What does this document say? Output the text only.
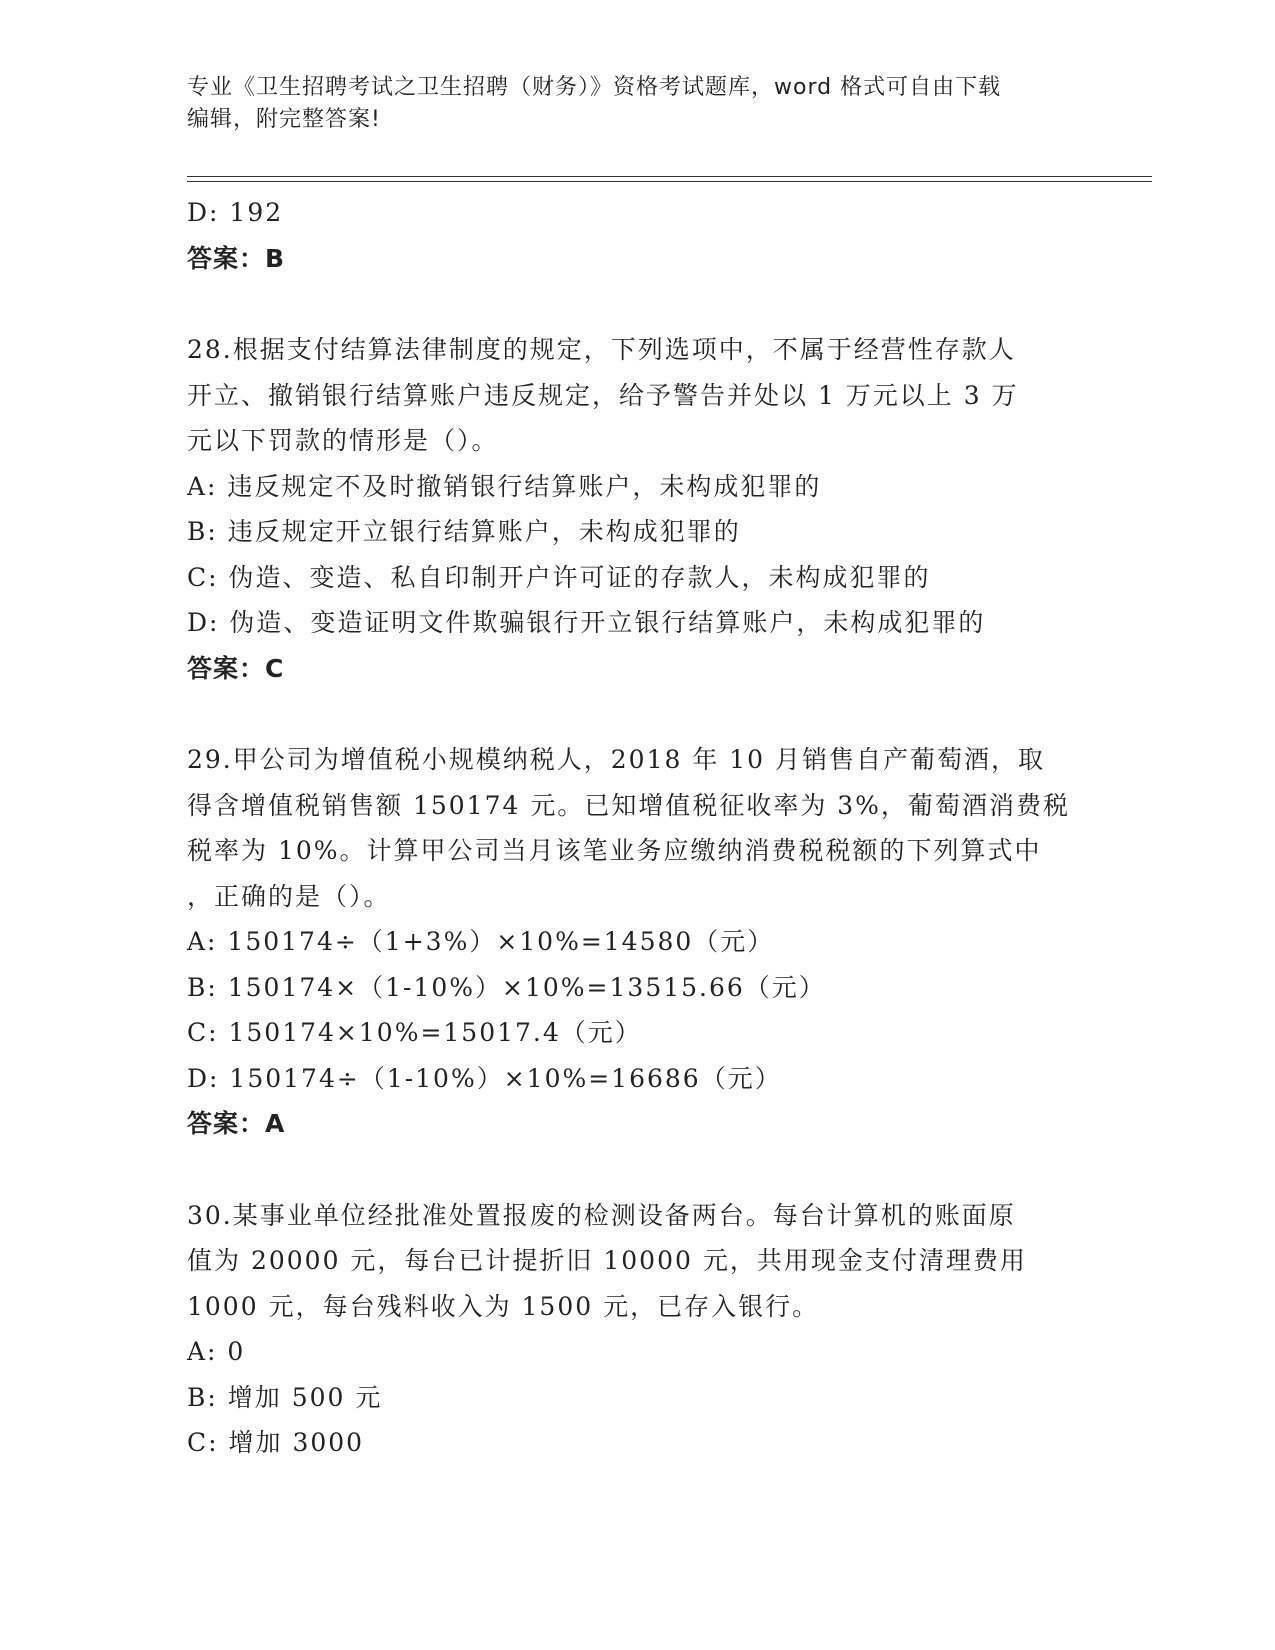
专业《卫生招聘考试之卫生招聘（财务）》资格考试题库，word 格式可自由下载
编辑，附完整答案!
D: 192
答案：B
28.根据支付结算法律制度的规定，下列选项中，不属于经营性存款人
开立、撤销银行结算账户违反规定，给予警告并处以 1 万元以上 3 万
元以下罚款的情形是（）。
A: 违反规定不及时撤销银行结算账户，未构成犯罪的
B: 违反规定开立银行结算账户，未构成犯罪的
C: 伪造、变造、私自印制开户许可证的存款人，未构成犯罪的
D: 伪造、变造证明文件欺骗银行开立银行结算账户，未构成犯罪的
答案：C
29.甲公司为增值税小规模纳税人，2018 年 10 月销售自产葡萄酒，取
得含增值税销售额 150174 元。已知增值税征收率为 3%，葡萄酒消费税
税率为 10%。计算甲公司当月该笔业务应缴纳消费税税额的下列算式中
，正确的是（）。
A: 150174÷（1+3%）×10%=14580（元）
B: 150174×（1-10%）×10%=13515.66（元）
C: 150174×10%=15017.4（元）
D: 150174÷（1-10%）×10%=16686（元）
答案：A
30.某事业单位经批准处置报废的检测设备两台。每台计算机的账面原
值为 20000 元，每台已计提折旧 10000 元，共用现金支付清理费用
1000 元，每台残料收入为 1500 元，已存入银行。
A: 0
B: 增加 500 元
C: 增加 3000
